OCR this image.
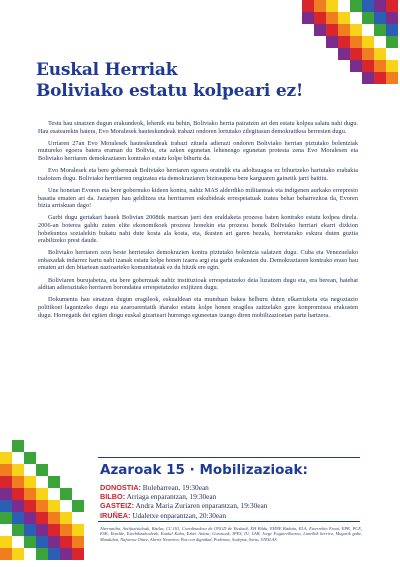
Euskal Herriak
Boliviako estatu kolpeari ez!

Testu hau sinatzen dugun erakundeok, lehenik eta behin, Boliviako herria pairatzen ari den estatu kolpea salatu nahi dugu. Hau esatearekin batera, Evo Moralesek hauteskundeak irabazi ondoren lortutako zilegitasun demokratikoa berresten dugu.

Urriaren 27an Evo Moralesek hauteskundeak irabazi zituela adierazi ondoren Boliviako herrian piztutako bolentziak mutureko egoera batera eraman du Bolivia, eta azken egunetan lehenengo egunetan protesta zena Evo Moralesen eta Boliviako herriaren demokraziaren kontrako estatu kolpe bihurtu da.

Evo Moralesek eta bere gobernuak Boliviako herriaren egoera oraindik eta adoltsuagoa ez bihurtzeko hartutako erabakia txalotzen dugu. Boliviako herritarren ongizatea eta demokraziaren biziraupena bere karguaren gainetik jarri baititu.

Une honetan Evoren eta bere gobernuko kideen kontra, nahiz MAS alderdiko militanteak eta indigenen aurkako errepresio basatia ematen ari da. Jazarpen hau gelditzea eta herritarren eskubideak errespetatuak izatea behar beharrezkoa da, Evoren bizia arriskuan dago!

Garbi dugu gertakari hauek Bolivian 2008tik martxan jarri den eraldaketa prozesu baten kontrako estatu kolpea direla. 2006-an boterea galdu zuten elite ekonomikoek prozesu honekin eta prozesu honek Boliviako herriari ekarri dizkion hobekuntza sozialekin bukatu nahi dute kosta ala kosta, eta, ikusten ari garen bezala, horretarako eskura duten guztia erabiltzeko prest daude.

Boliviako herriaren zein beste herrietako demokrazien kontra piztutako bolentzia salatzen dugu. Cuba eta Venezuelako enbaxadak indarrez hartu nahi izanak estatu kolpe honen izaera argi eta garbi erakusten du. Demokraziaren kontrako eraso hau ematen ari den bitartean nazioarteko komunitateak ez du hitzik ere egin.

Boliviaren burujabetza, eta bere gobernuak nahiz instituzioak errespetatzeko deia luzatzen dugu eta, era berean, haiebat alditan adierazitako herriaren borondatea errespetatzeko exijitzen dugu.

Dokumentu hau sinatzen dugun eragileok, eskualdean eta munduan bakea helburu duten elkarrizketa eta negoziazio politikoei laguntzeko dugu eta azaroarentatik iñarako estatu kolpe honen eragilea zaitzelako gure konpromisoa erakusten dugu. Horregatik dei egiten diogu euskal gizarteari hurrengo eguneetan izango diren mobilizazioetan parte hartzera.

Azaroak 15 · Mobilizazioak:
DONOSTIA: Bulebarrean, 19:30ean
BILBO: Arriaga enparantzan, 19:30ean
GASTEIZ: Andra Maria Zuriaren enparantzan, 19:30ean
IRUÑEA: Udaletxe enparantzan, 20:30ean

Alternatiba, Antifaxistaloak, Bizilur, CC.OO, Coordinadora de ONGD de Euskadi, EH Bildu, EHNE Bizkaia, ELA, Etxerrekin Ernai, EPK, PCE, ESK, Etxalde, Etxebiltzakouleak, Euskal Kuba, Ezker Anitza, Gurasoak, IPES, IU, LAB, Jorge Fagus-elkartea, Lanelkik herrira, Mugarik gabe, Mundubat, Nafarroa Oinez, Abertx Neurrien, Paz con dignidad, Podemos, Sodepaz, Sortu, STEILAS
